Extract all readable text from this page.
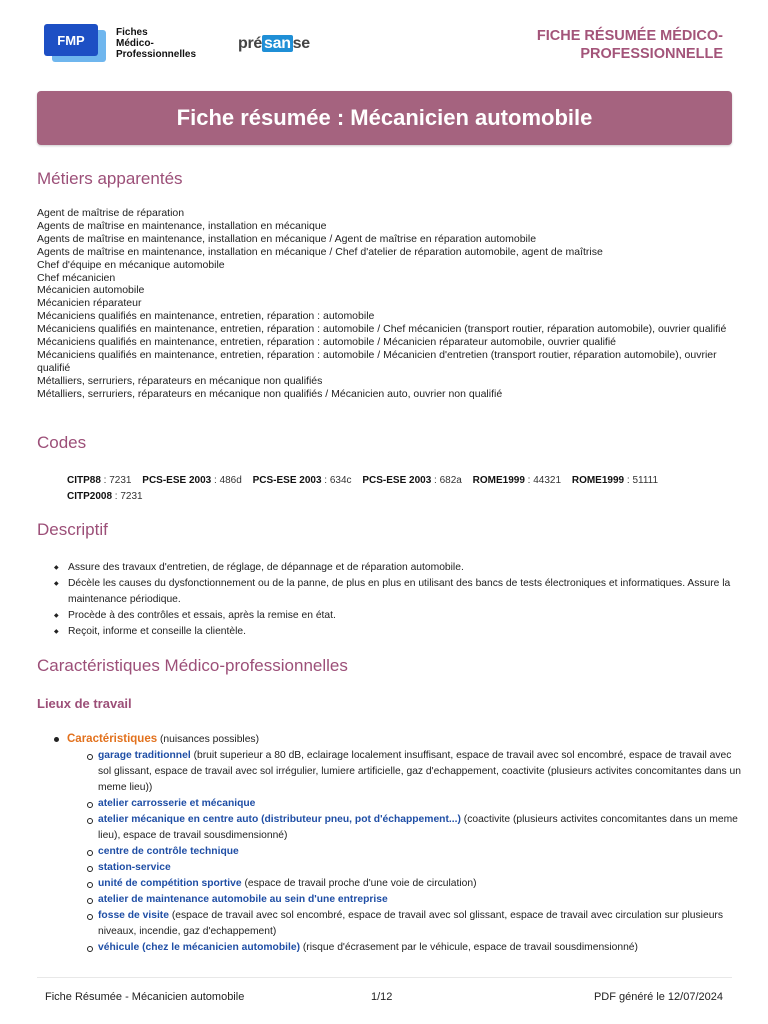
FMP
Fiches
Médico-
Professionnelles
pré san se	FICHE RÉSUMÉE MÉDICO-
PROFESSIONNELLE
Fiche résumée : Mécanicien automobile
Métiers apparentés
Agent de maîtrise de réparation
Agents de maîtrise en maintenance, installation en mécanique
Agents de maîtrise en maintenance, installation en mécanique / Agent de maîtrise en réparation automobile
Agents de maîtrise en maintenance, installation en mécanique / Chef d'atelier de réparation automobile, agent de maîtrise
Chef d'équipe en mécanique automobile
Chef mécanicien
Mécanicien automobile
Mécanicien réparateur
Mécaniciens qualifiés en maintenance, entretien, réparation : automobile
Mécaniciens qualifiés en maintenance, entretien, réparation : automobile / Chef mécanicien (transport routier, réparation automobile), ouvrier qualifié
Mécaniciens qualifiés en maintenance, entretien, réparation : automobile / Mécanicien réparateur automobile, ouvrier qualifié
Mécaniciens qualifiés en maintenance, entretien, réparation : automobile / Mécanicien d'entretien (transport routier, réparation automobile), ouvrier qualifié
Métalliers, serruriers, réparateurs en mécanique non qualifiés
Métalliers, serruriers, réparateurs en mécanique non qualifiés / Mécanicien auto, ouvrier non qualifié
Codes
CITP88 : 7231 PCS-ESE 2003 : 486d PCS-ESE 2003 : 634c PCS-ESE 2003 : 682a ROME1999 : 44321 ROME1999 : 51111
CITP2008 : 7231
Descriptif
◆ Assure des travaux d'entretien, de réglage, de dépannage et de réparation automobile.
◆ Décèle les causes du dysfonctionnement ou de la panne, de plus en plus en utilisant des bancs de tests électroniques et informatiques. Assure la maintenance périodique.
◆ Procède à des contrôles et essais, après la remise en état.
◆ Reçoit, informe et conseille la clientèle.
Caractéristiques Médico-professionnelles
Lieux de travail
Caractéristiques (nuisances possibles)
garage traditionnel (bruit superieur a 80 dB, eclairage localement insuffisant, espace de travail avec sol encombré, espace de travail avec sol glissant, espace de travail avec sol irrégulier, lumiere artificielle, gaz d'echappement, coactivite (plusieurs activites concomitantes dans un meme lieu))
atelier carrosserie et mécanique
atelier mécanique en centre auto (distributeur pneu, pot d'échappement...) (coactivite (plusieurs activites concomitantes dans un meme lieu), espace de travail sousdimensionné)
centre de contrôle technique
station-service
unité de compétition sportive (espace de travail proche d'une voie de circulation)
atelier de maintenance automobile au sein d'une entreprise
fosse de visite (espace de travail avec sol encombré, espace de travail avec sol glissant, espace de travail avec circulation sur plusieurs niveaux, incendie, gaz d'echappement)
véhicule (chez le mécanicien automobile) (risque d'écrasement par le véhicule, espace de travail sousdimensionné)
Fiche Résumée - Mécanicien automobile	1/12	PDF généré le 12/07/2024
